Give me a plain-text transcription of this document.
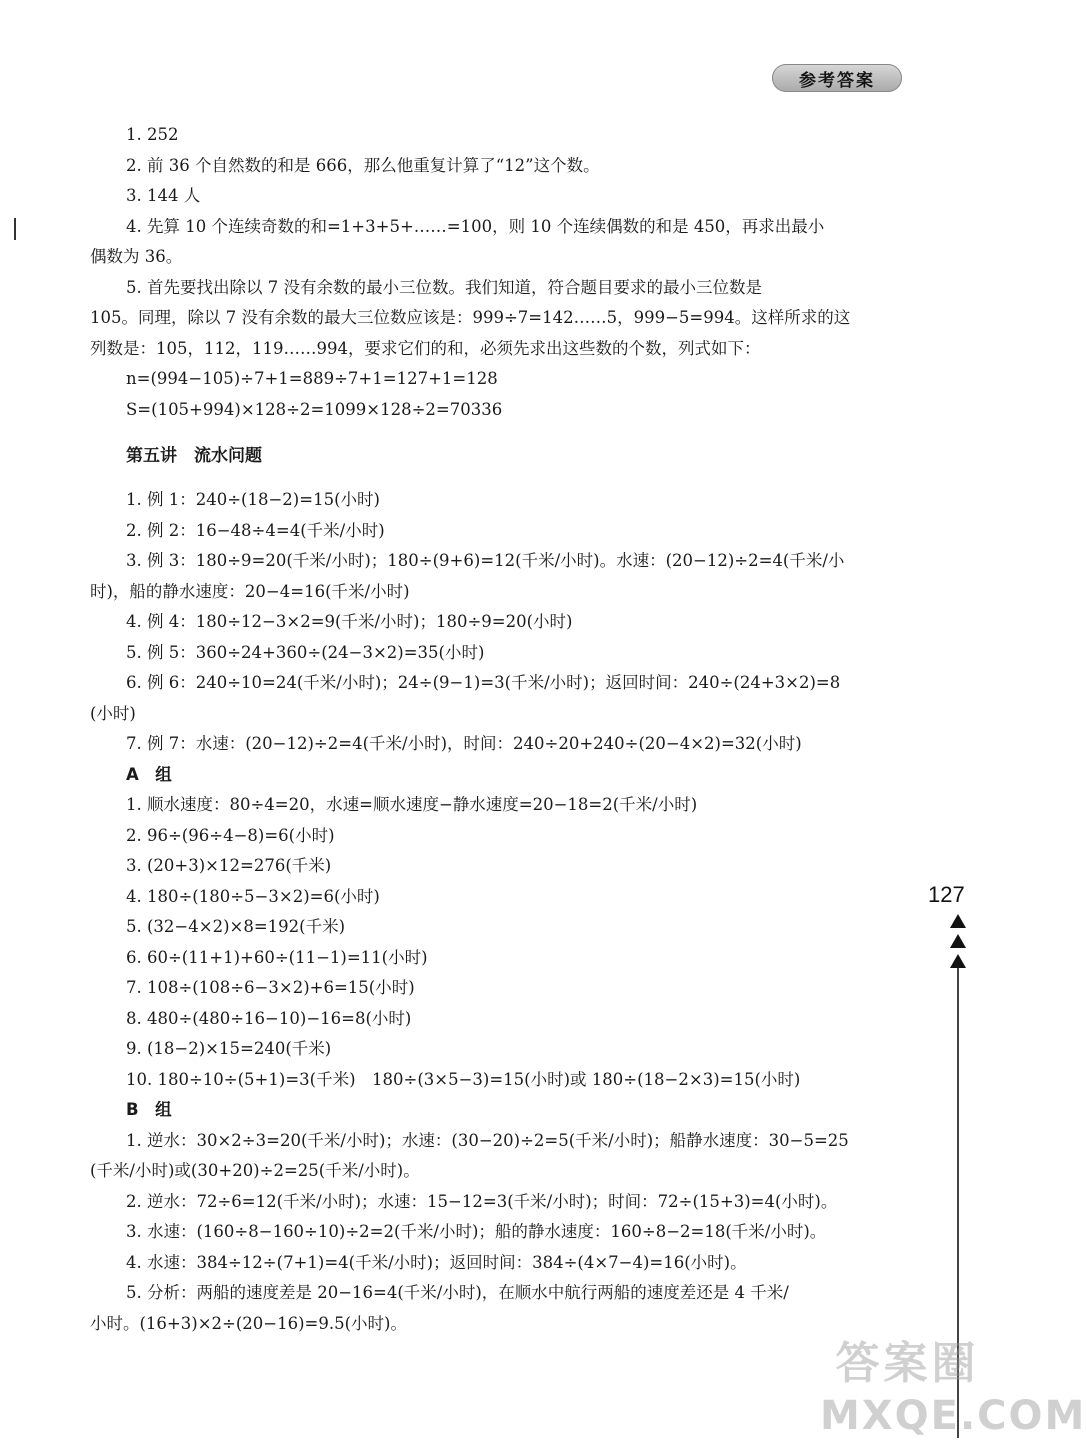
参考答案
1. 252
2. 前 36 个自然数的和是 666，那么他重复计算了“12”这个数。
3. 144 人
4. 先算 10 个连续奇数的和=1+3+5+……=100，则 10 个连续偶数的和是 450，再求出最小
偶数为 36。
5. 首先要找出除以 7 没有余数的最小三位数。我们知道，符合题目要求的最小三位数是
105。同理，除以 7 没有余数的最大三位数应该是：999÷7=142……5，999−5=994。这样所求的这
列数是：105，112，119……994，要求它们的和，必须先求出这些数的个数，列式如下：
n=(994−105)÷7+1=889÷7+1=127+1=128
S=(105+994)×128÷2=1099×128÷2=70336
第五讲　流水问题
1. 例 1：240÷(18−2)=15(小时)
2. 例 2：16−48÷4=4(千米/小时)
3. 例 3：180÷9=20(千米/小时)；180÷(9+6)=12(千米/小时)。水速：(20−12)÷2=4(千米/小
时)，船的静水速度：20−4=16(千米/小时)
4. 例 4：180÷12−3×2=9(千米/小时)；180÷9=20(小时)
5. 例 5：360÷24+360÷(24−3×2)=35(小时)
6. 例 6：240÷10=24(千米/小时)；24÷(9−1)=3(千米/小时)；返回时间：240÷(24+3×2)=8
(小时)
7. 例 7：水速：(20−12)÷2=4(千米/小时)，时间：240÷20+240÷(20−4×2)=32(小时)
A　组
1. 顺水速度：80÷4=20，水速=顺水速度−静水速度=20−18=2(千米/小时)
2. 96÷(96÷4−8)=6(小时)
3. (20+3)×12=276(千米)
4. 180÷(180÷5−3×2)=6(小时)
5. (32−4×2)×8=192(千米)
6. 60÷(11+1)+60÷(11−1)=11(小时)
7. 108÷(108÷6−3×2)+6=15(小时)
8. 480÷(480÷16−10)−16=8(小时)
9. (18−2)×15=240(千米)
10. 180÷10÷(5+1)=3(千米)　180÷(3×5−3)=15(小时)或 180÷(18−2×3)=15(小时)
B　组
1. 逆水：30×2÷3=20(千米/小时)；水速：(30−20)÷2=5(千米/小时)；船静水速度：30−5=25
(千米/小时)或(30+20)÷2=25(千米/小时)。
2. 逆水：72÷6=12(千米/小时)；水速：15−12=3(千米/小时)；时间：72÷(15+3)=4(小时)。
3. 水速：(160÷8−160÷10)÷2=2(千米/小时)；船的静水速度：160÷8−2=18(千米/小时)。
4. 水速：384÷12÷(7+1)=4(千米/小时)；返回时间：384÷(4×7−4)=16(小时)。
5. 分析：两船的速度差是 20−16=4(千米/小时)，在顺水中航行两船的速度差还是 4 千米/
小时。(16+3)×2÷(20−16)=9.5(小时)。
127
答案圈
MXQE.COM
